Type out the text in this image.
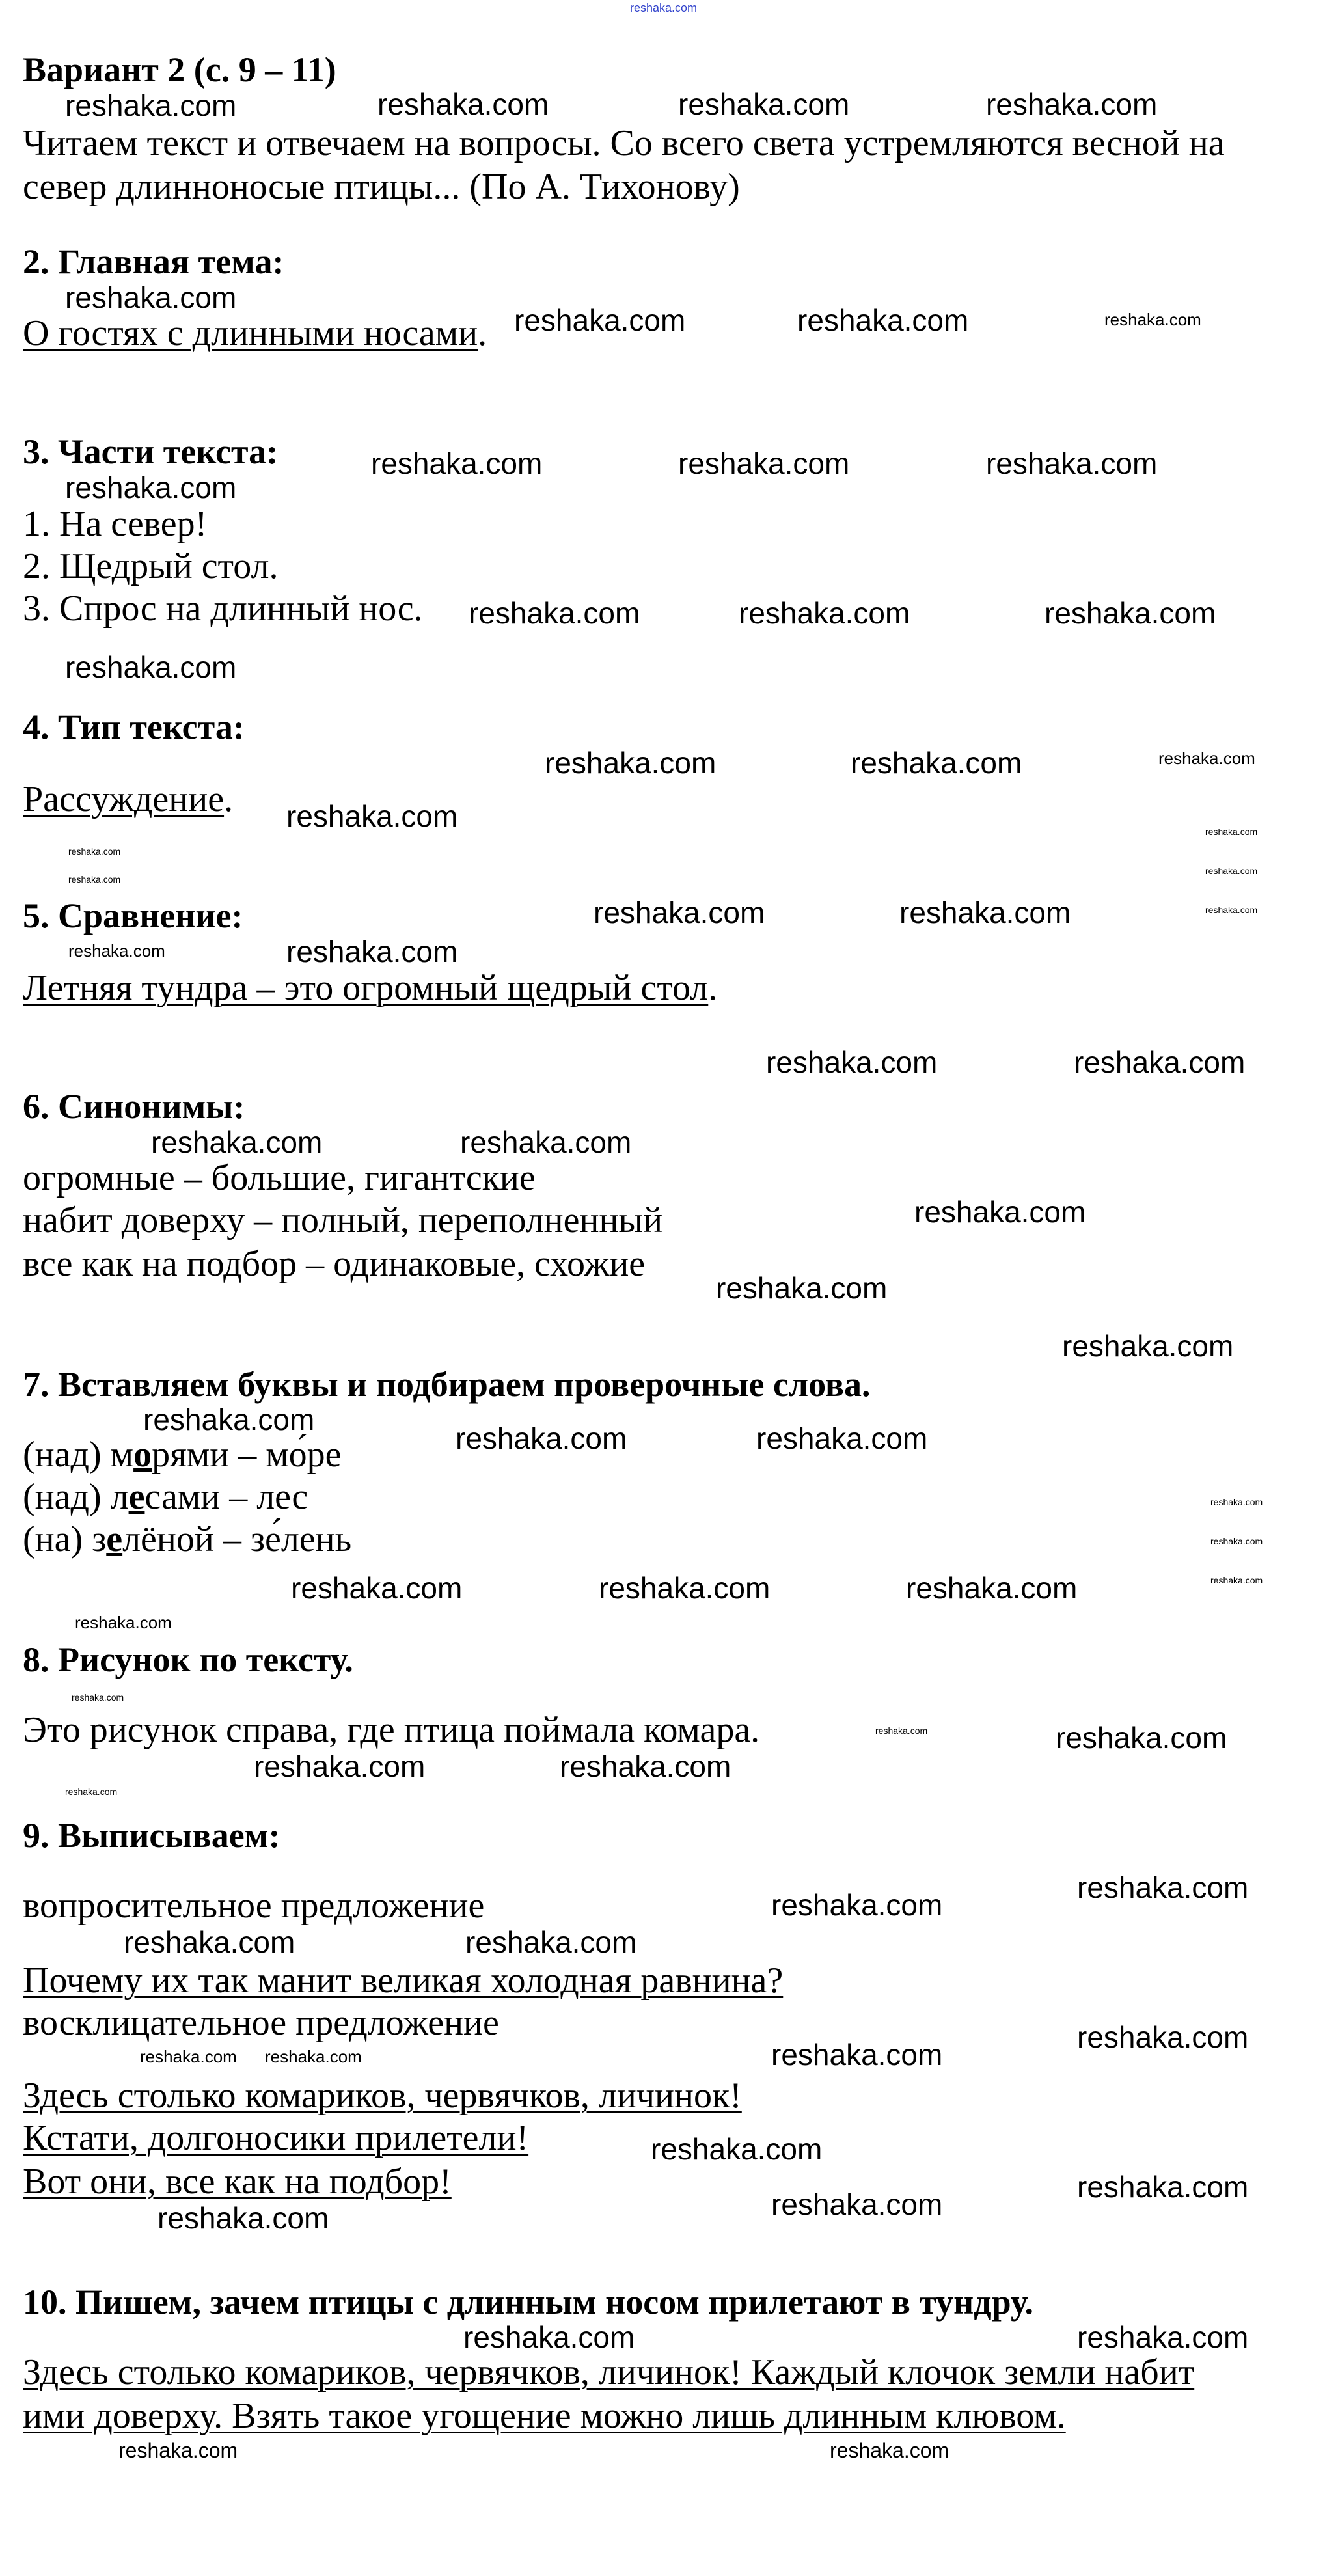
reshaka.com
Вариант 2 (с. 9 – 11)
Читаем текст и отвечаем на вопросы. Со всего света устремляются весной на
север длинноносые птицы... (По А. Тихонову)
2. Главная тема:
О гостях с длинными носами.
3. Части текста:
1. На север!
2. Щедрый стол.
3. Спрос на длинный нос.
4. Тип текста:
Рассуждение.
5. Сравнение:
Летняя тундра – это огромный щедрый стол.
6. Синонимы:
огромные – большие, гигантские
набит доверху – полный, переполненный
все как на подбор – одинаковые, схожие
7. Вставляем буквы и подбираем проверочные слова.
(над) морями – мо́ре
(над) лесами – лес
(на) зелёной – зе́лень
8. Рисунок по тексту.
Это рисунок справа, где птица поймала комара.
9. Выписываем:
вопросительное предложение
Почему их так манит великая холодная равнина?
восклицательное предложение
Здесь столько комариков, червячков, личинок!
Кстати, долгоносики прилетели!
Вот они, все как на подбор!
10. Пишем, зачем птицы с длинным носом прилетают в тундру.
Здесь столько комариков, червячков, личинок! Каждый клочок земли набит
ими доверху. Взять такое угощение можно лишь длинным клювом.
reshaka.com	reshaka.com	reshaka.com	reshaka.com
reshaka.com
reshaka.com	reshaka.com	reshaka.com
reshaka.com	reshaka.com	reshaka.com
reshaka.com
reshaka.com	reshaka.com	reshaka.com
reshaka.com
reshaka.com	reshaka.com	reshaka.com
reshaka.com
reshaka.com
reshaka.com
reshaka.com
reshaka.com
reshaka.com
reshaka.com	reshaka.com
reshaka.com
reshaka.com
reshaka.com	reshaka.com
reshaka.com
reshaka.com
reshaka.com
reshaka.com
reshaka.com
reshaka.com
reshaka.com	reshaka.com
reshaka.com
reshaka.com
reshaka.com
reshaka.com	reshaka.com	reshaka.com
reshaka.com
reshaka.com
reshaka.com
reshaka.com
reshaka.com
reshaka.com
reshaka.com
reshaka.com
reshaka.com
reshaka.com	reshaka.com
reshaka.com
reshaka.com
reshaka.com reshaka.com
reshaka.com
reshaka.com
reshaka.com
reshaka.com
reshaka.com	reshaka.com
reshaka.com	reshaka.com
